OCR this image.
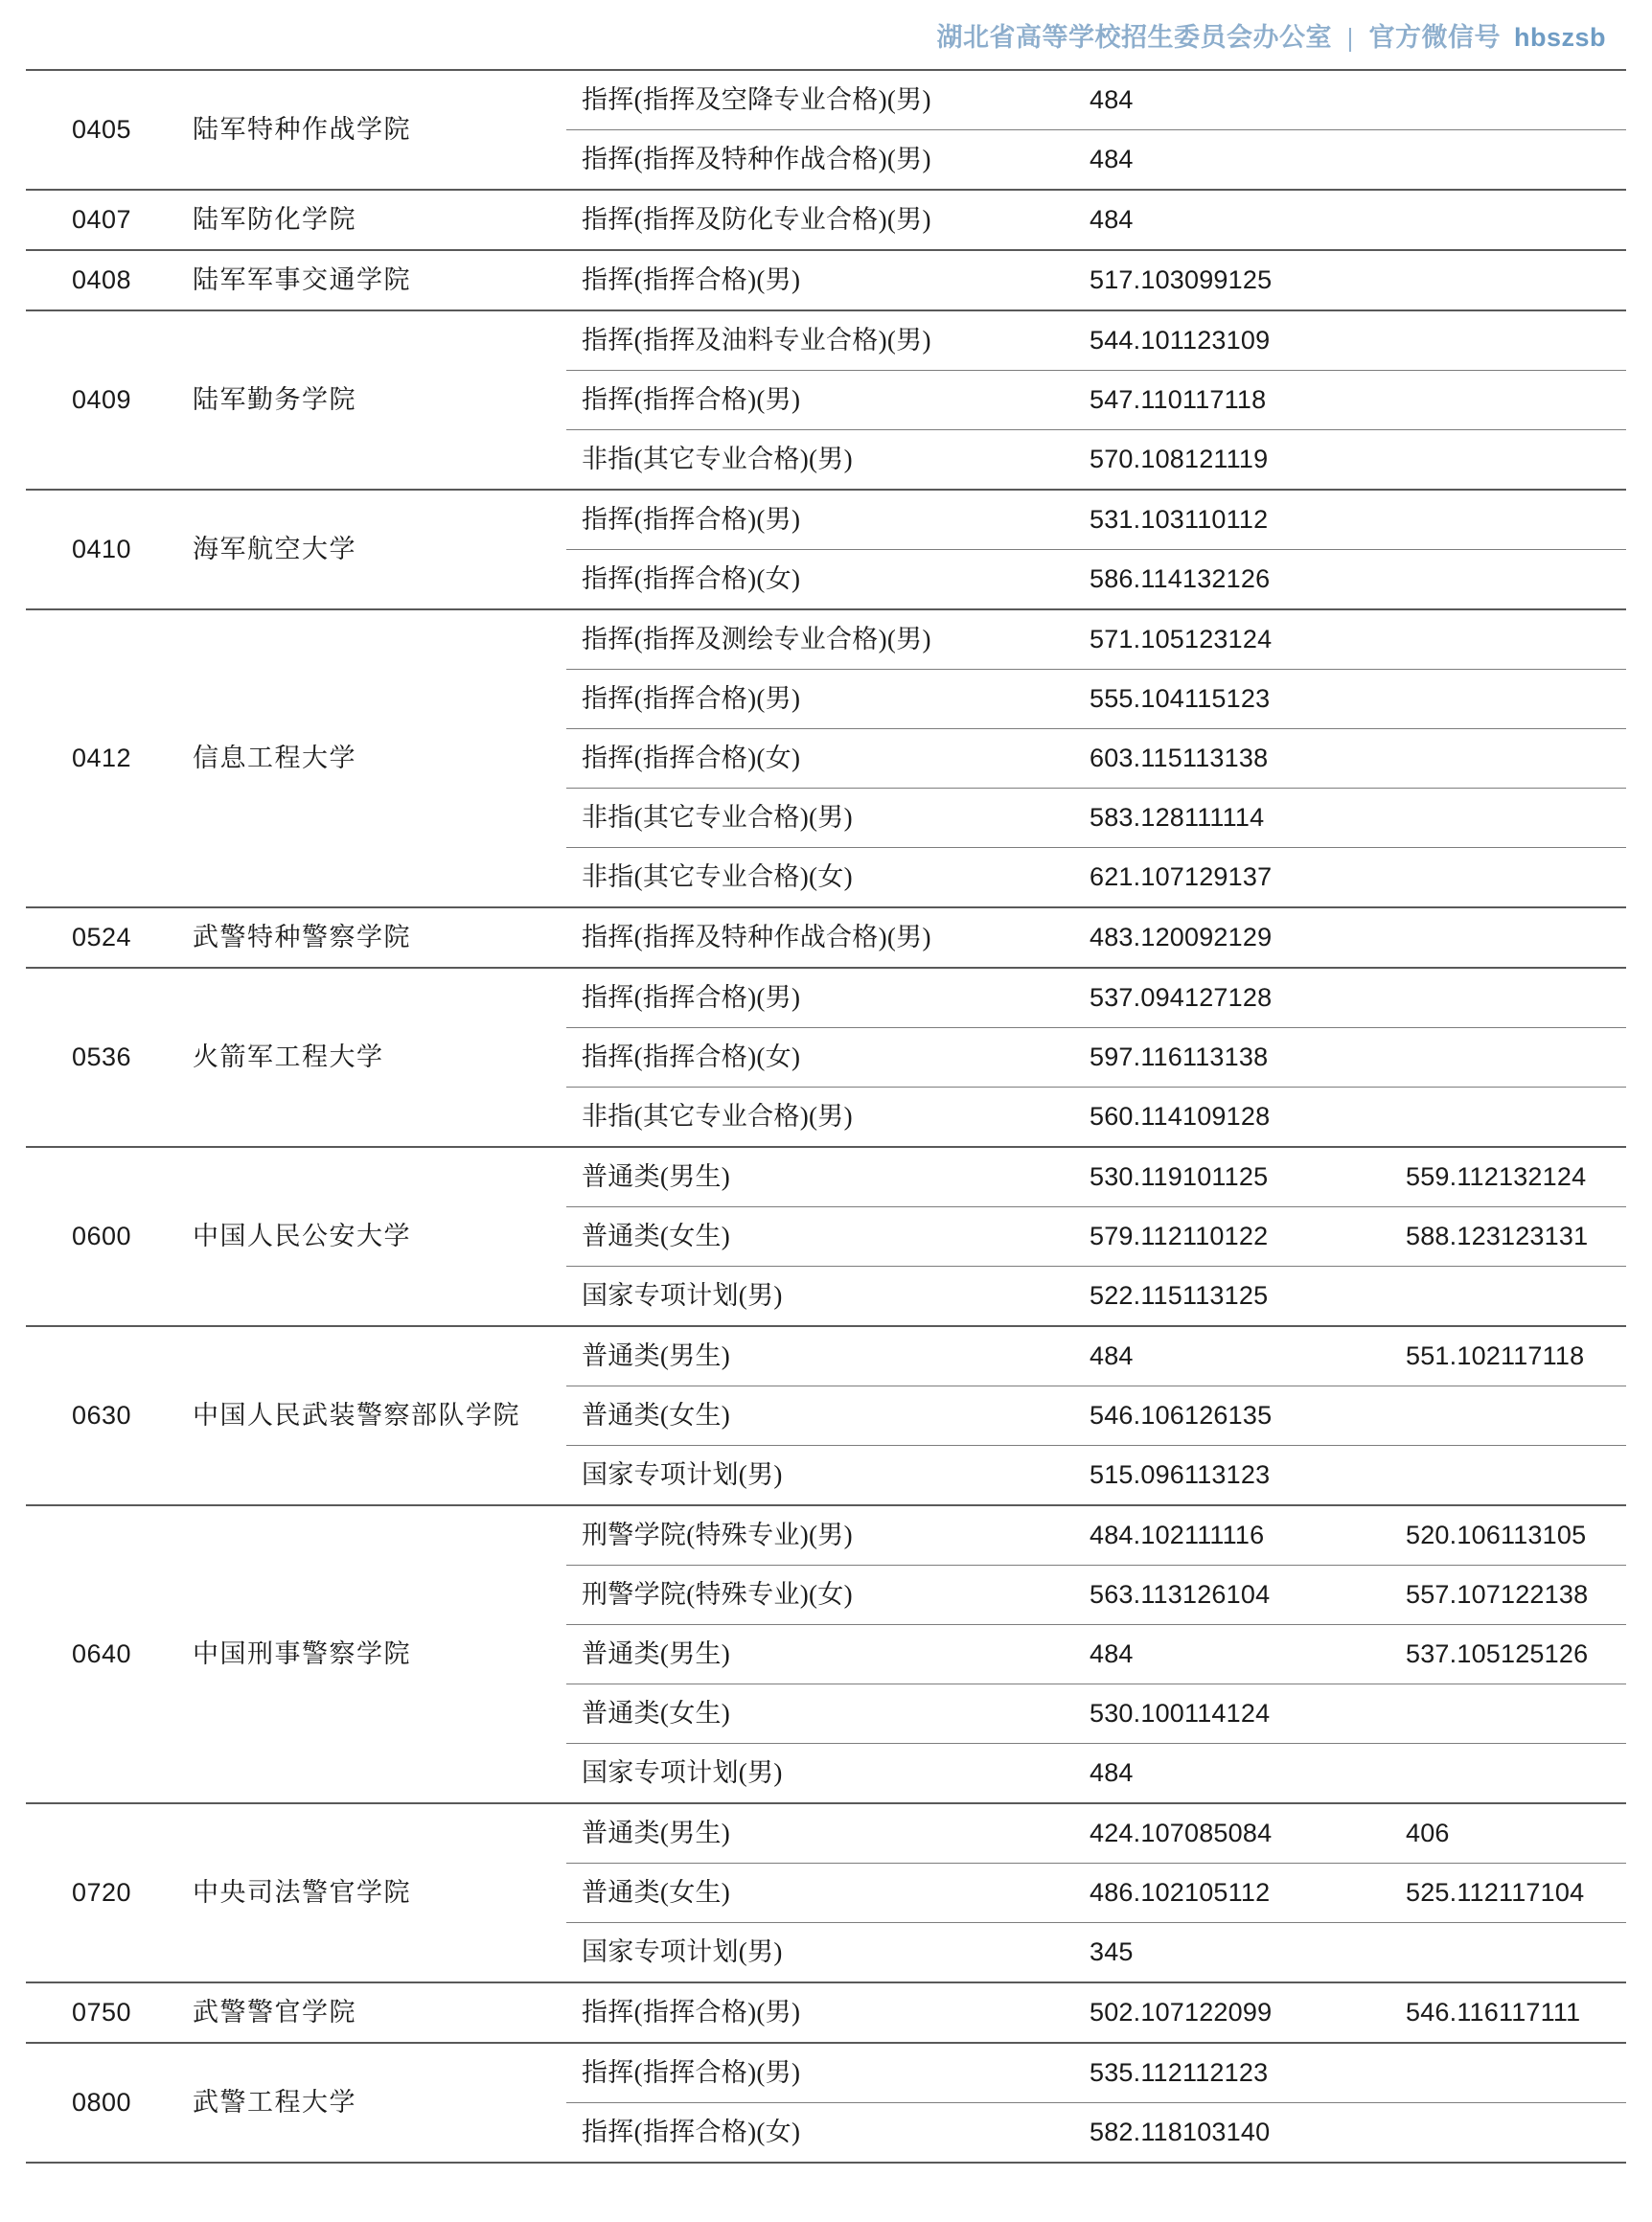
湖北省高等学校招生委员会办公室 | 官方微信号 hbszsb
0405	陆军特种作战学院	指挥(指挥及空降专业合格)(男)	484	
		指挥(指挥及特种作战合格)(男)	484	
0407	陆军防化学院	指挥(指挥及防化专业合格)(男)	484	
0408	陆军军事交通学院	指挥(指挥合格)(男)	517.103099125	
0409	陆军勤务学院	指挥(指挥及油料专业合格)(男)	544.101123109	
		指挥(指挥合格)(男)	547.110117118	
		非指(其它专业合格)(男)	570.108121119	
0410	海军航空大学	指挥(指挥合格)(男)	531.103110112	
		指挥(指挥合格)(女)	586.114132126	
0412	信息工程大学	指挥(指挥及测绘专业合格)(男)	571.105123124	
		指挥(指挥合格)(男)	555.104115123	
		指挥(指挥合格)(女)	603.115113138	
		非指(其它专业合格)(男)	583.128111114	
		非指(其它专业合格)(女)	621.107129137	
0524	武警特种警察学院	指挥(指挥及特种作战合格)(男)	483.120092129	
0536	火箭军工程大学	指挥(指挥合格)(男)	537.094127128	
		指挥(指挥合格)(女)	597.116113138	
		非指(其它专业合格)(男)	560.114109128	
0600	中国人民公安大学	普通类(男生)	530.119101125	559.112132124
		普通类(女生)	579.112110122	588.123123131
		国家专项计划(男)	522.115113125	
0630	中国人民武装警察部队学院	普通类(男生)	484	551.102117118
		普通类(女生)	546.106126135	
		国家专项计划(男)	515.096113123	
0640	中国刑事警察学院	刑警学院(特殊专业)(男)	484.102111116	520.106113105
		刑警学院(特殊专业)(女)	563.113126104	557.107122138
		普通类(男生)	484	537.105125126
		普通类(女生)	530.100114124	
		国家专项计划(男)	484	
0720	中央司法警官学院	普通类(男生)	424.107085084	406
		普通类(女生)	486.102105112	525.112117104
		国家专项计划(男)	345	
0750	武警警官学院	指挥(指挥合格)(男)	502.107122099	546.116117111
0800	武警工程大学	指挥(指挥合格)(男)	535.112112123	
		指挥(指挥合格)(女)	582.118103140	
